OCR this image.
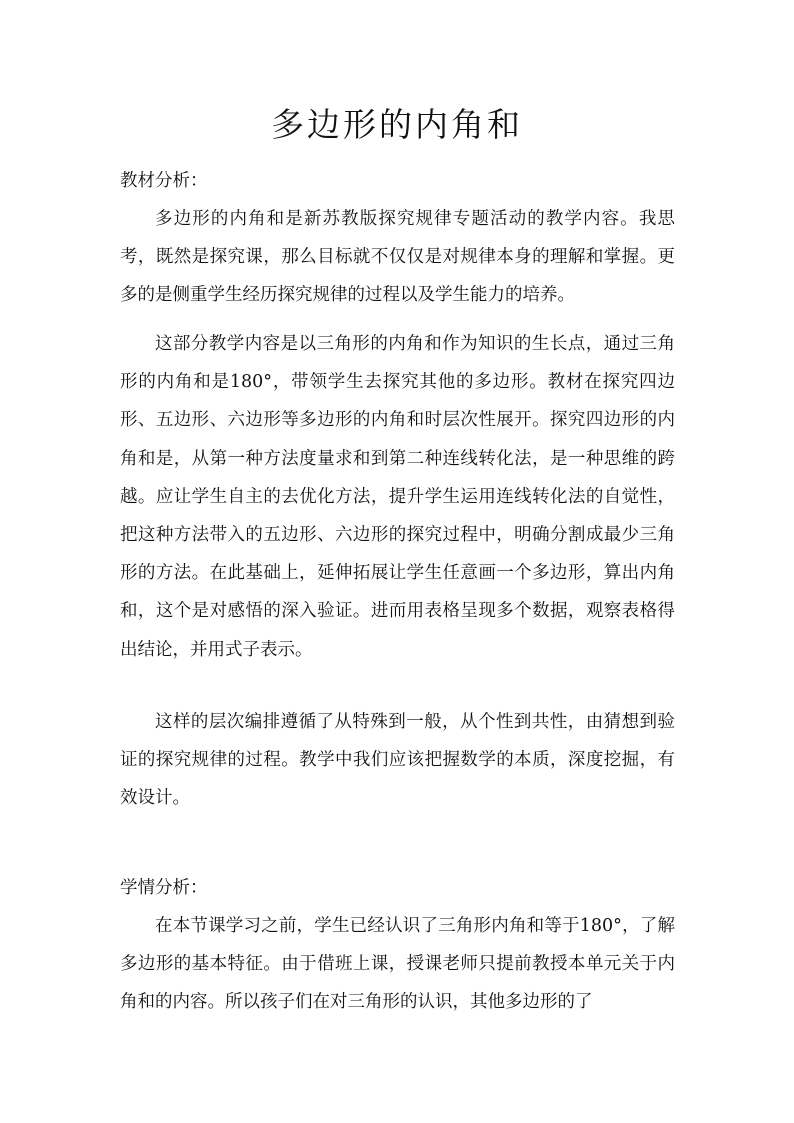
多边形的内角和
教材分析：

多边形的内角和是新苏教版探究规律专题活动的教学内容。我思考，既然是探究课，那么目标就不仅仅是对规律本身的理解和掌握。更多的是侧重学生经历探究规律的过程以及学生能力的培养。

这部分教学内容是以三角形的内角和作为知识的生长点，通过三角形的内角和是180°，带领学生去探究其他的多边形。教材在探究四边形、五边形、六边形等多边形的内角和时层次性展开。探究四边形的内角和是，从第一种方法度量求和到第二种连线转化法，是一种思维的跨越。应让学生自主的去优化方法，提升学生运用连线转化法的自觉性，把这种方法带入的五边形、六边形的探究过程中，明确分割成最少三角形的方法。在此基础上，延伸拓展让学生任意画一个多边形，算出内角和，这个是对感悟的深入验证。进而用表格呈现多个数据，观察表格得出结论，并用式子表示。

这样的层次编排遵循了从特殊到一般，从个性到共性，由猜想到验证的探究规律的过程。教学中我们应该把握数学的本质，深度挖掘，有效设计。

学情分析：

在本节课学习之前，学生已经认识了三角形内角和等于180°，了解多边形的基本特征。由于借班上课，授课老师只提前教授本单元关于内角和的内容。所以孩子们在对三角形的认识，其他多边形的了
